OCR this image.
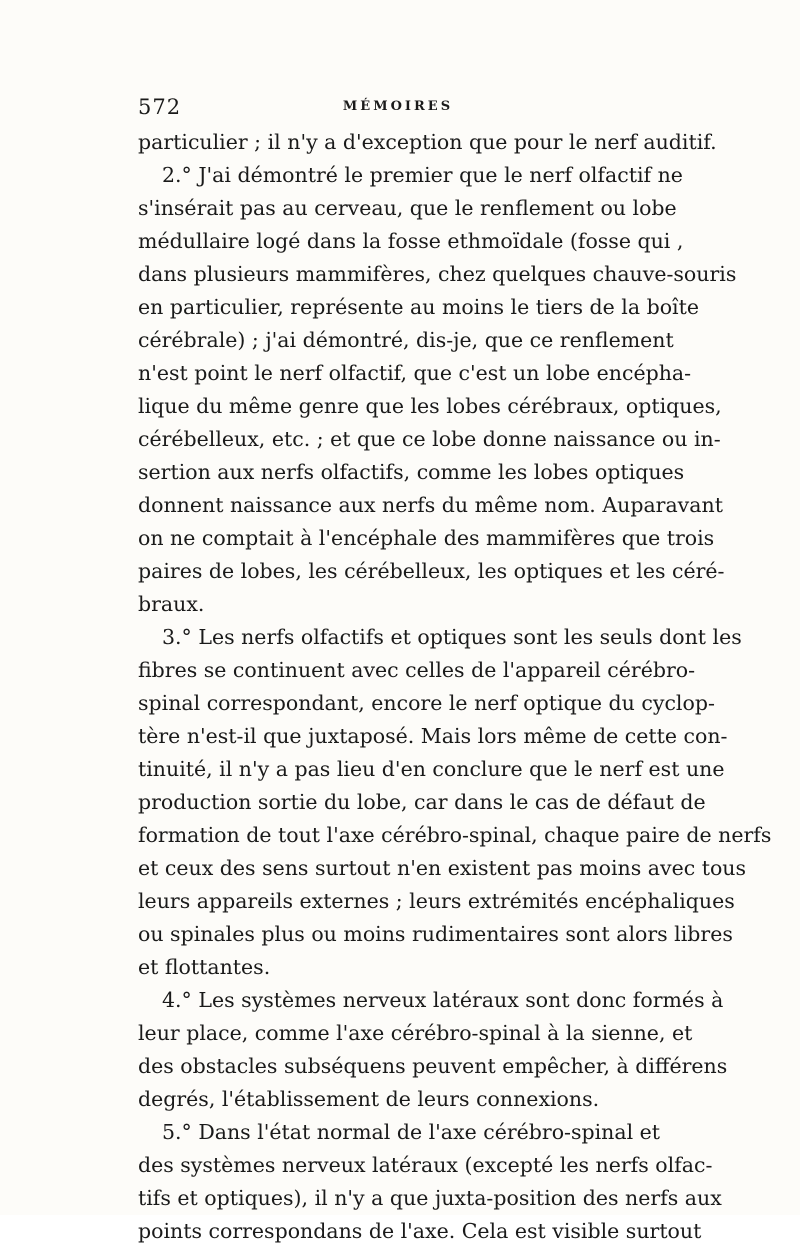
572	MÉMOIRES
particulier ; il n'y a d'exception que pour le nerf auditif.
2.° J'ai démontré le premier que le nerf olfactif ne
s'insérait pas au cerveau, que le renflement ou lobe
médullaire logé dans la fosse ethmoïdale (fosse qui ,
dans plusieurs mammifères, chez quelques chauve-souris
en particulier, représente au moins le tiers de la boîte
cérébrale) ; j'ai démontré, dis-je, que ce renflement
n'est point le nerf olfactif, que c'est un lobe encépha-
lique du même genre que les lobes cérébraux, optiques,
cérébelleux, etc. ; et que ce lobe donne naissance ou in-
sertion aux nerfs olfactifs, comme les lobes optiques
donnent naissance aux nerfs du même nom. Auparavant
on ne comptait à l'encéphale des mammifères que trois
paires de lobes, les cérébelleux, les optiques et les céré-
braux.
3.° Les nerfs olfactifs et optiques sont les seuls dont les
fibres se continuent avec celles de l'appareil cérébro-
spinal correspondant, encore le nerf optique du cyclop-
tère n'est-il que juxtaposé. Mais lors même de cette con-
tinuité, il n'y a pas lieu d'en conclure que le nerf est une
production sortie du lobe, car dans le cas de défaut de
formation de tout l'axe cérébro-spinal, chaque paire de nerfs
et ceux des sens surtout n'en existent pas moins avec tous
leurs appareils externes ; leurs extrémités encéphaliques
ou spinales plus ou moins rudimentaires sont alors libres
et flottantes.
4.° Les systèmes nerveux latéraux sont donc formés à
leur place, comme l'axe cérébro-spinal à la sienne, et
des obstacles subséquens peuvent empêcher, à différens
degrés, l'établissement de leurs connexions.
5.° Dans l'état normal de l'axe cérébro-spinal et
des systèmes nerveux latéraux (excepté les nerfs olfac-
tifs et optiques), il n'y a que juxta-position des nerfs aux
points correspondans de l'axe. Cela est visible surtout
